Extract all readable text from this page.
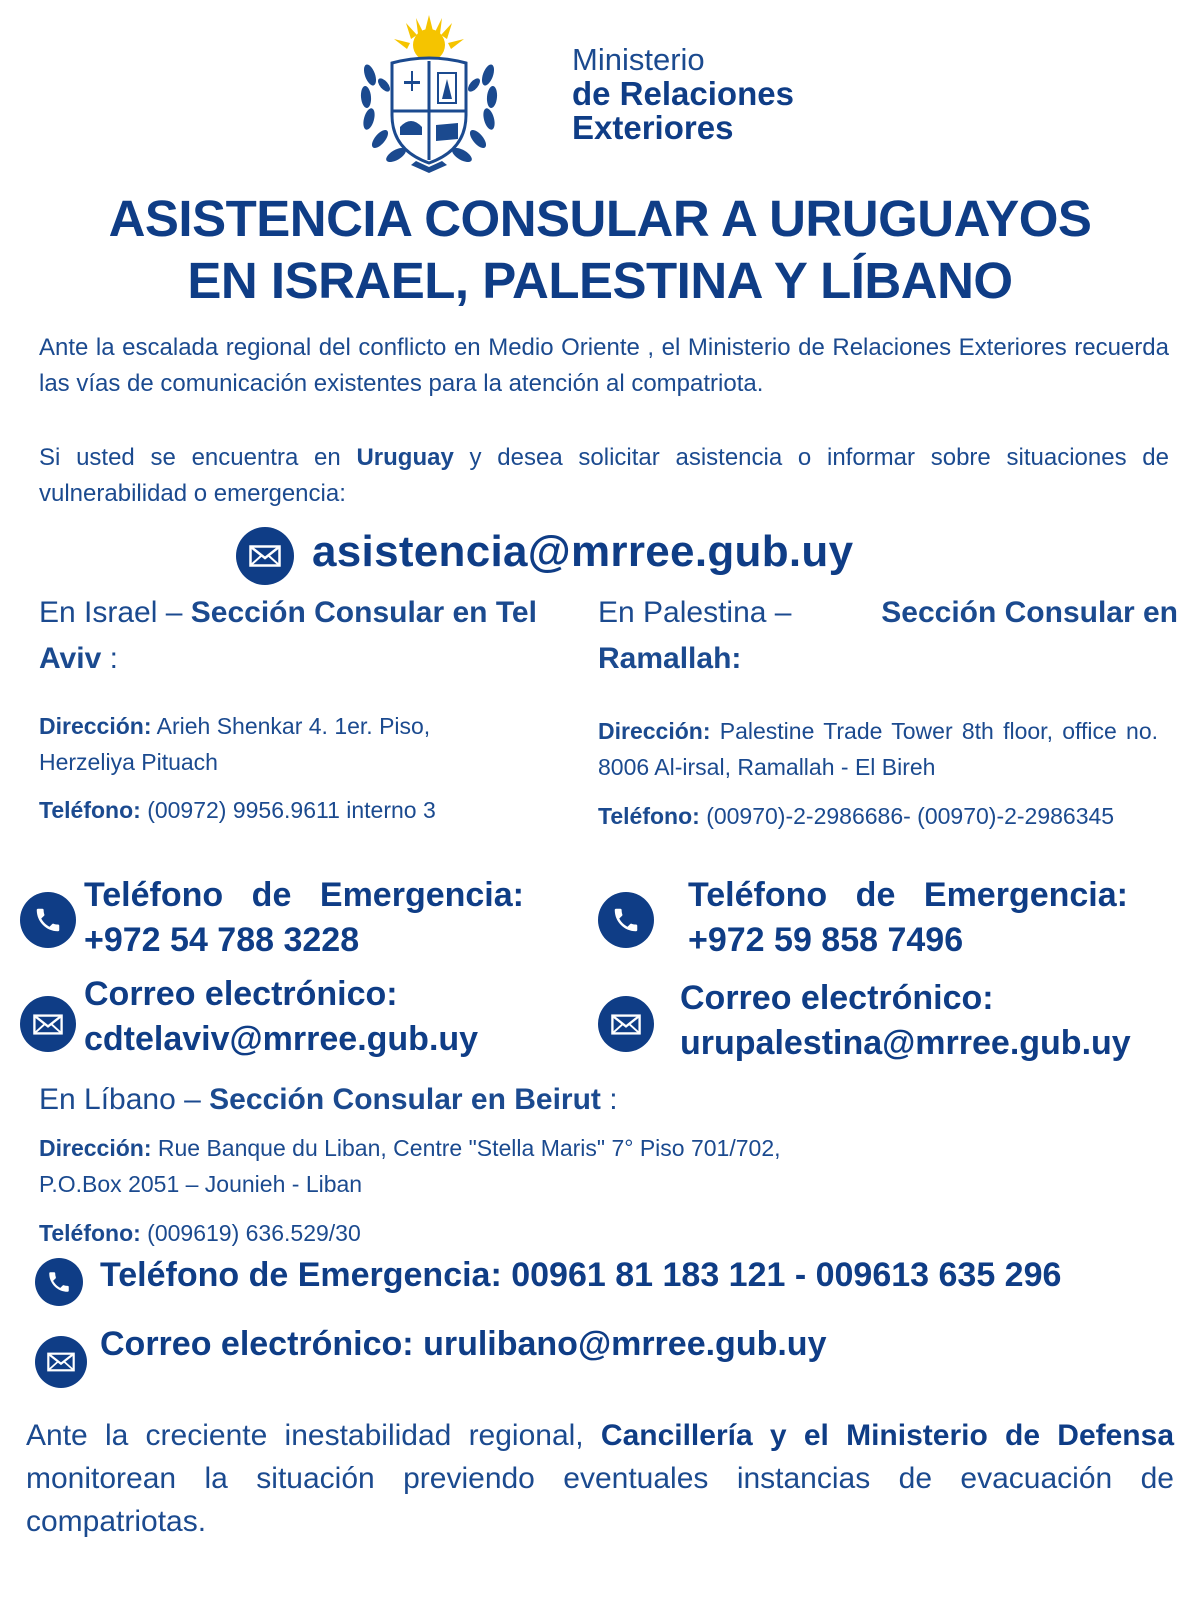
Ministerio
de Relaciones
Exteriores
ASISTENCIA CONSULAR A URUGUAYOS
EN ISRAEL, PALESTINA Y LÍBANO
Ante la escalada regional del conflicto en Medio Oriente , el Ministerio de Relaciones Exteriores recuerda las vías de comunicación existentes para la atención al compatriota.
Si usted se encuentra en Uruguay y desea solicitar asistencia o informar sobre situaciones de vulnerabilidad o emergencia:
asistencia@mrree.gub.uy
En Israel – Sección Consular en Tel Aviv :
Dirección: Arieh Shenkar 4. 1er. Piso, Herzeliya Pituach
Teléfono: (00972) 9956.9611 interno 3
Teléfono de Emergencia:
+972 54 788 3228
Correo electrónico:
cdtelaviv@mrree.gub.uy
En Palestina –	Sección Consular en
Ramallah:
Dirección: Palestine Trade Tower 8th floor, office no. 8006 Al-irsal, Ramallah - El Bireh
Teléfono: (00970)-2-2986686- (00970)-2-2986345
Teléfono de Emergencia:
+972 59 858 7496
Correo electrónico:
urupalestina@mrree.gub.uy
En Líbano – Sección Consular en Beirut :
Dirección: Rue Banque du Liban, Centre "Stella Maris" 7° Piso 701/702,
P.O.Box 2051 – Jounieh - Liban
Teléfono: (009619) 636.529/30
Teléfono de Emergencia: 00961 81 183 121 - 009613 635 296
Correo electrónico: urulibano@mrree.gub.uy
Ante la creciente inestabilidad regional, Cancillería y el Ministerio de Defensa monitorean la situación previendo eventuales instancias de evacuación de compatriotas.
